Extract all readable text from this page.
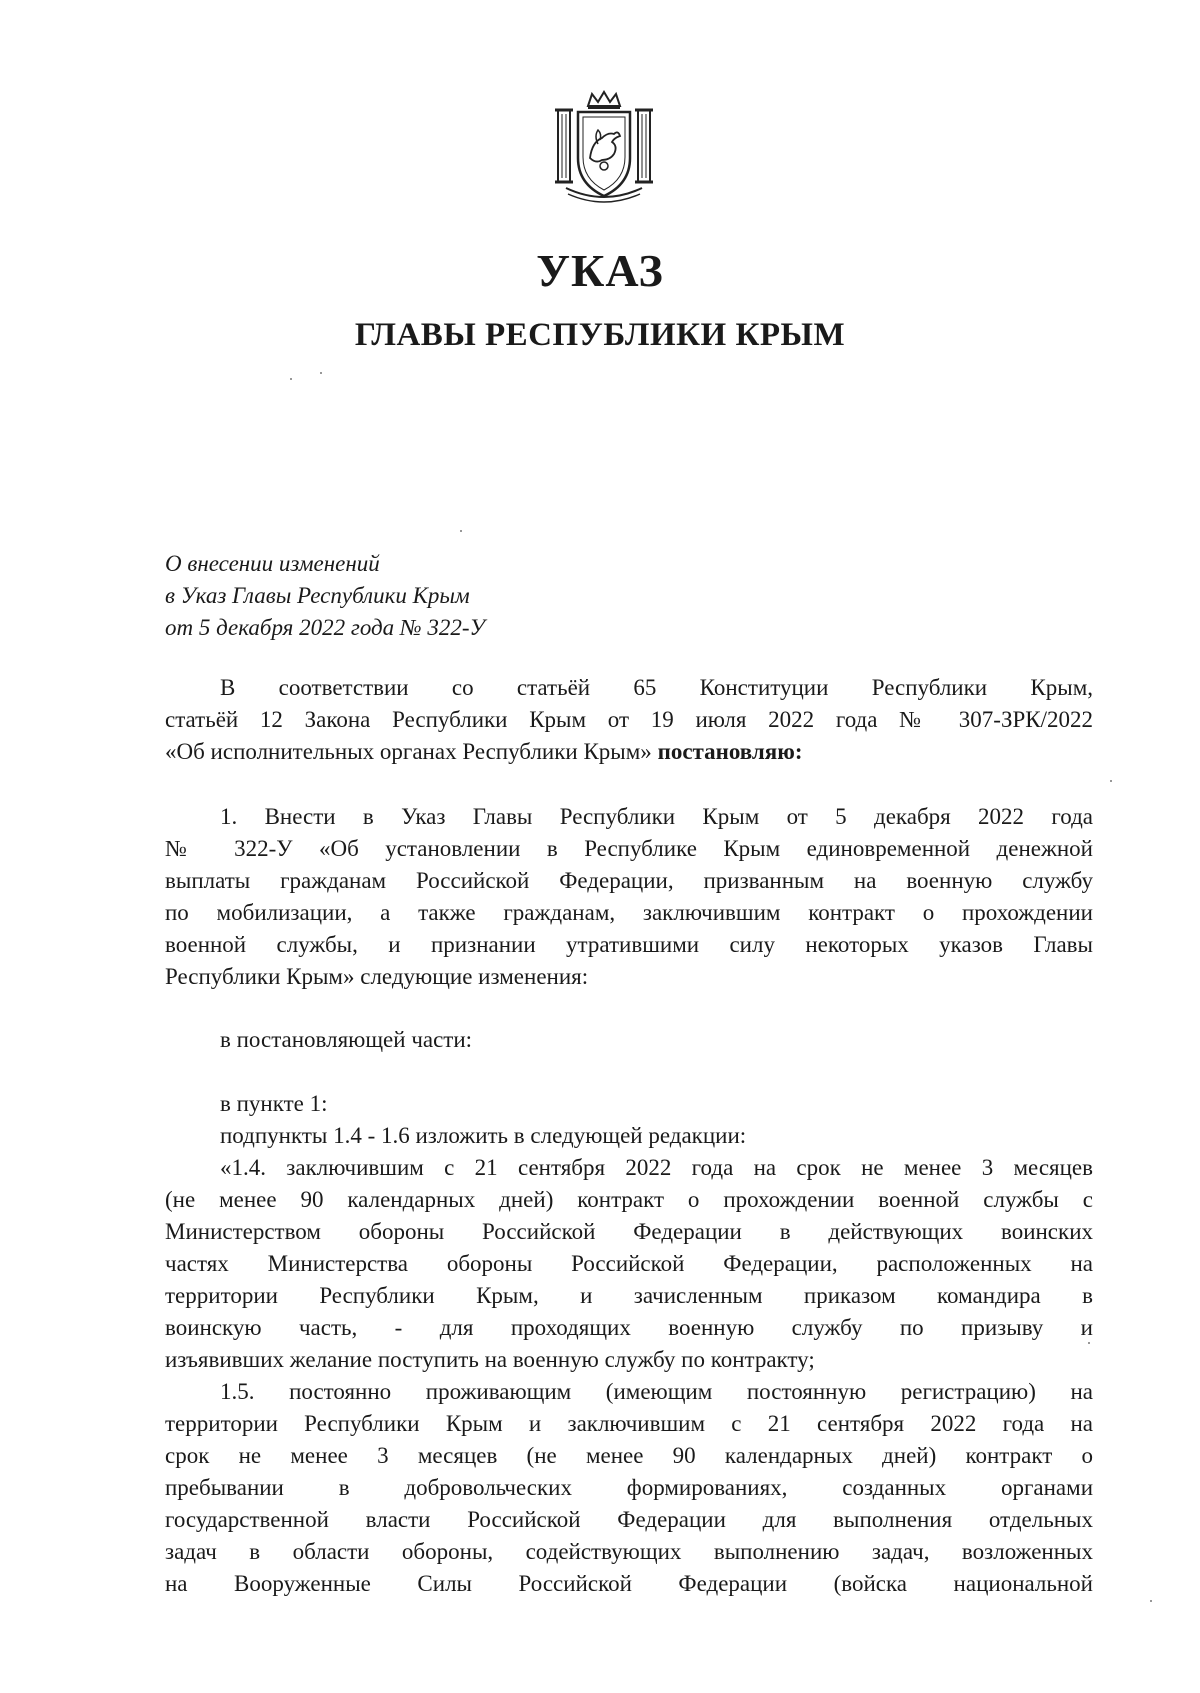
УКАЗ
ГЛАВЫ РЕСПУБЛИКИ КРЫМ
О внесении изменений
в Указ Главы Республики Крым
от 5 декабря 2022 года № 322-У
В соответствии со статьёй 65 Конституции Республики Крым,
статьёй 12 Закона Республики Крым от 19 июля 2022 года № 307-ЗРК/2022
«Об исполнительных органах Республики Крым» постановляю:
1. Внести в Указ Главы Республики Крым от 5 декабря 2022 года
№ 322-У «Об установлении в Республике Крым единовременной денежной
выплаты гражданам Российской Федерации, призванным на военную службу
по мобилизации, а также гражданам, заключившим контракт о прохождении
военной службы, и признании утратившими силу некоторых указов Главы
Республики Крым» следующие изменения:
в постановляющей части:
в пункте 1:
подпункты 1.4 - 1.6 изложить в следующей редакции:
«1.4. заключившим с 21 сентября 2022 года на срок не менее 3 месяцев
(не менее 90 календарных дней) контракт о прохождении военной службы с
Министерством обороны Российской Федерации в действующих воинских
частях Министерства обороны Российской Федерации, расположенных на
территории Республики Крым, и зачисленным приказом командира в
воинскую часть, - для проходящих военную службу по призыву и
изъявивших желание поступить на военную службу по контракту;
1.5. постоянно проживающим (имеющим постоянную регистрацию) на
территории Республики Крым и заключившим с 21 сентября 2022 года на
срок не менее 3 месяцев (не менее 90 календарных дней) контракт о
пребывании в добровольческих формированиях, созданных органами
государственной власти Российской Федерации для выполнения отдельных
задач в области обороны, содействующих выполнению задач, возложенных
на Вооруженные Силы Российской Федерации (войска национальной
